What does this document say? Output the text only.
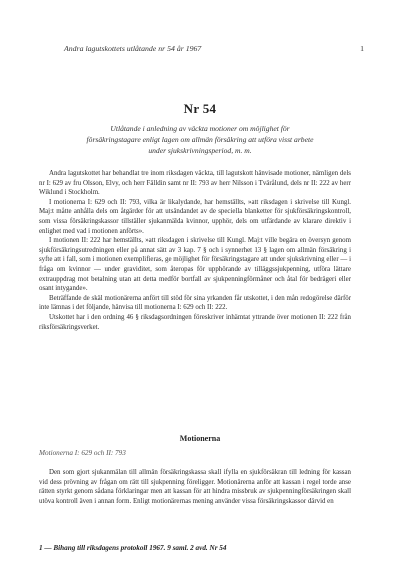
Andra lagutskottets utlåtande nr 54 år 1967	1
Nr 54
Utlåtande i anledning av väckta motioner om möjlighet för försäkringstagare enligt lagen om allmän försäkring att utföra visst arbete under sjukskrivningsperiod, m. m.

Andra lagutskottet har behandlat tre inom riksdagen väckta, till lagutskott hänvisade motioner, nämligen dels nr I: 629 av fru Olsson, Elvy, och herr Fälldin samt nr II: 793 av herr Nilsson i Tvärålund, dels nr II: 222 av herr Wiklund i Stockholm.

I motionerna I: 629 och II: 793, vilka är likalydande, har hemställts, »att riksdagen i skrivelse till Kungl. Maj:t måtte anhålla dels om åtgärder för att utsändandet av de speciella blanketter för sjukförsäkringskontroll, som vissa försäkringskassor tillställer sjukanmälda kvinnor, upphör, dels om utfärdande av klarare direktiv i enlighet med vad i motionen anförts».

I motionen II: 222 har hemställts, »att riksdagen i skrivelse till Kungl. Maj:t ville begära en översyn genom sjukförsäkringsutredningen eller på annat sätt av 3 kap. 7 § och i synnerhet 13 § lagen om allmän försäkring i syfte att i fall, som i motionen exemplifieras, ge möjlighet för försäkringstagare att under sjukskrivning eller — i fråga om kvinnor — under graviditet, som återopas för upphörande av tilläggssjukpenning, utföra lättare extrauppdrag mot betalning utan att detta medför bortfall av sjukpenningförmåner och åtal för bedrägeri eller osant intygande».

Beträffande de skäl motionärerna anfört till stöd för sina yrkanden får utskottet, i den mån redogörelse därför inte lämnas i det följande, hänvisa till motionerna I: 629 och II: 222.

Utskottet har i den ordning 46 § riksdagsordningen föreskriver inhämtat yttrande över motionen II: 222 från riksförsäkringsverket.

Motionerna
Motionerna I: 629 och II: 793

Den som gjort sjukanmälan till allmän försäkringskassa skall ifylla en sjukförsäkran till ledning för kassan vid dess prövning av frågan om rätt till sjukpenning föreligger. Motionärerna anför att kassan i regel torde anse rätten styrkt genom sådana förklaringar men att kassan för att hindra missbruk av sjukpenningförsäkringen skall utöva kontroll även i annan form. Enligt motionärernas mening använder vissa försäkringskassor därvid en

1 — Bihang till riksdagens protokoll 1967. 9 saml. 2 avd. Nr 54
